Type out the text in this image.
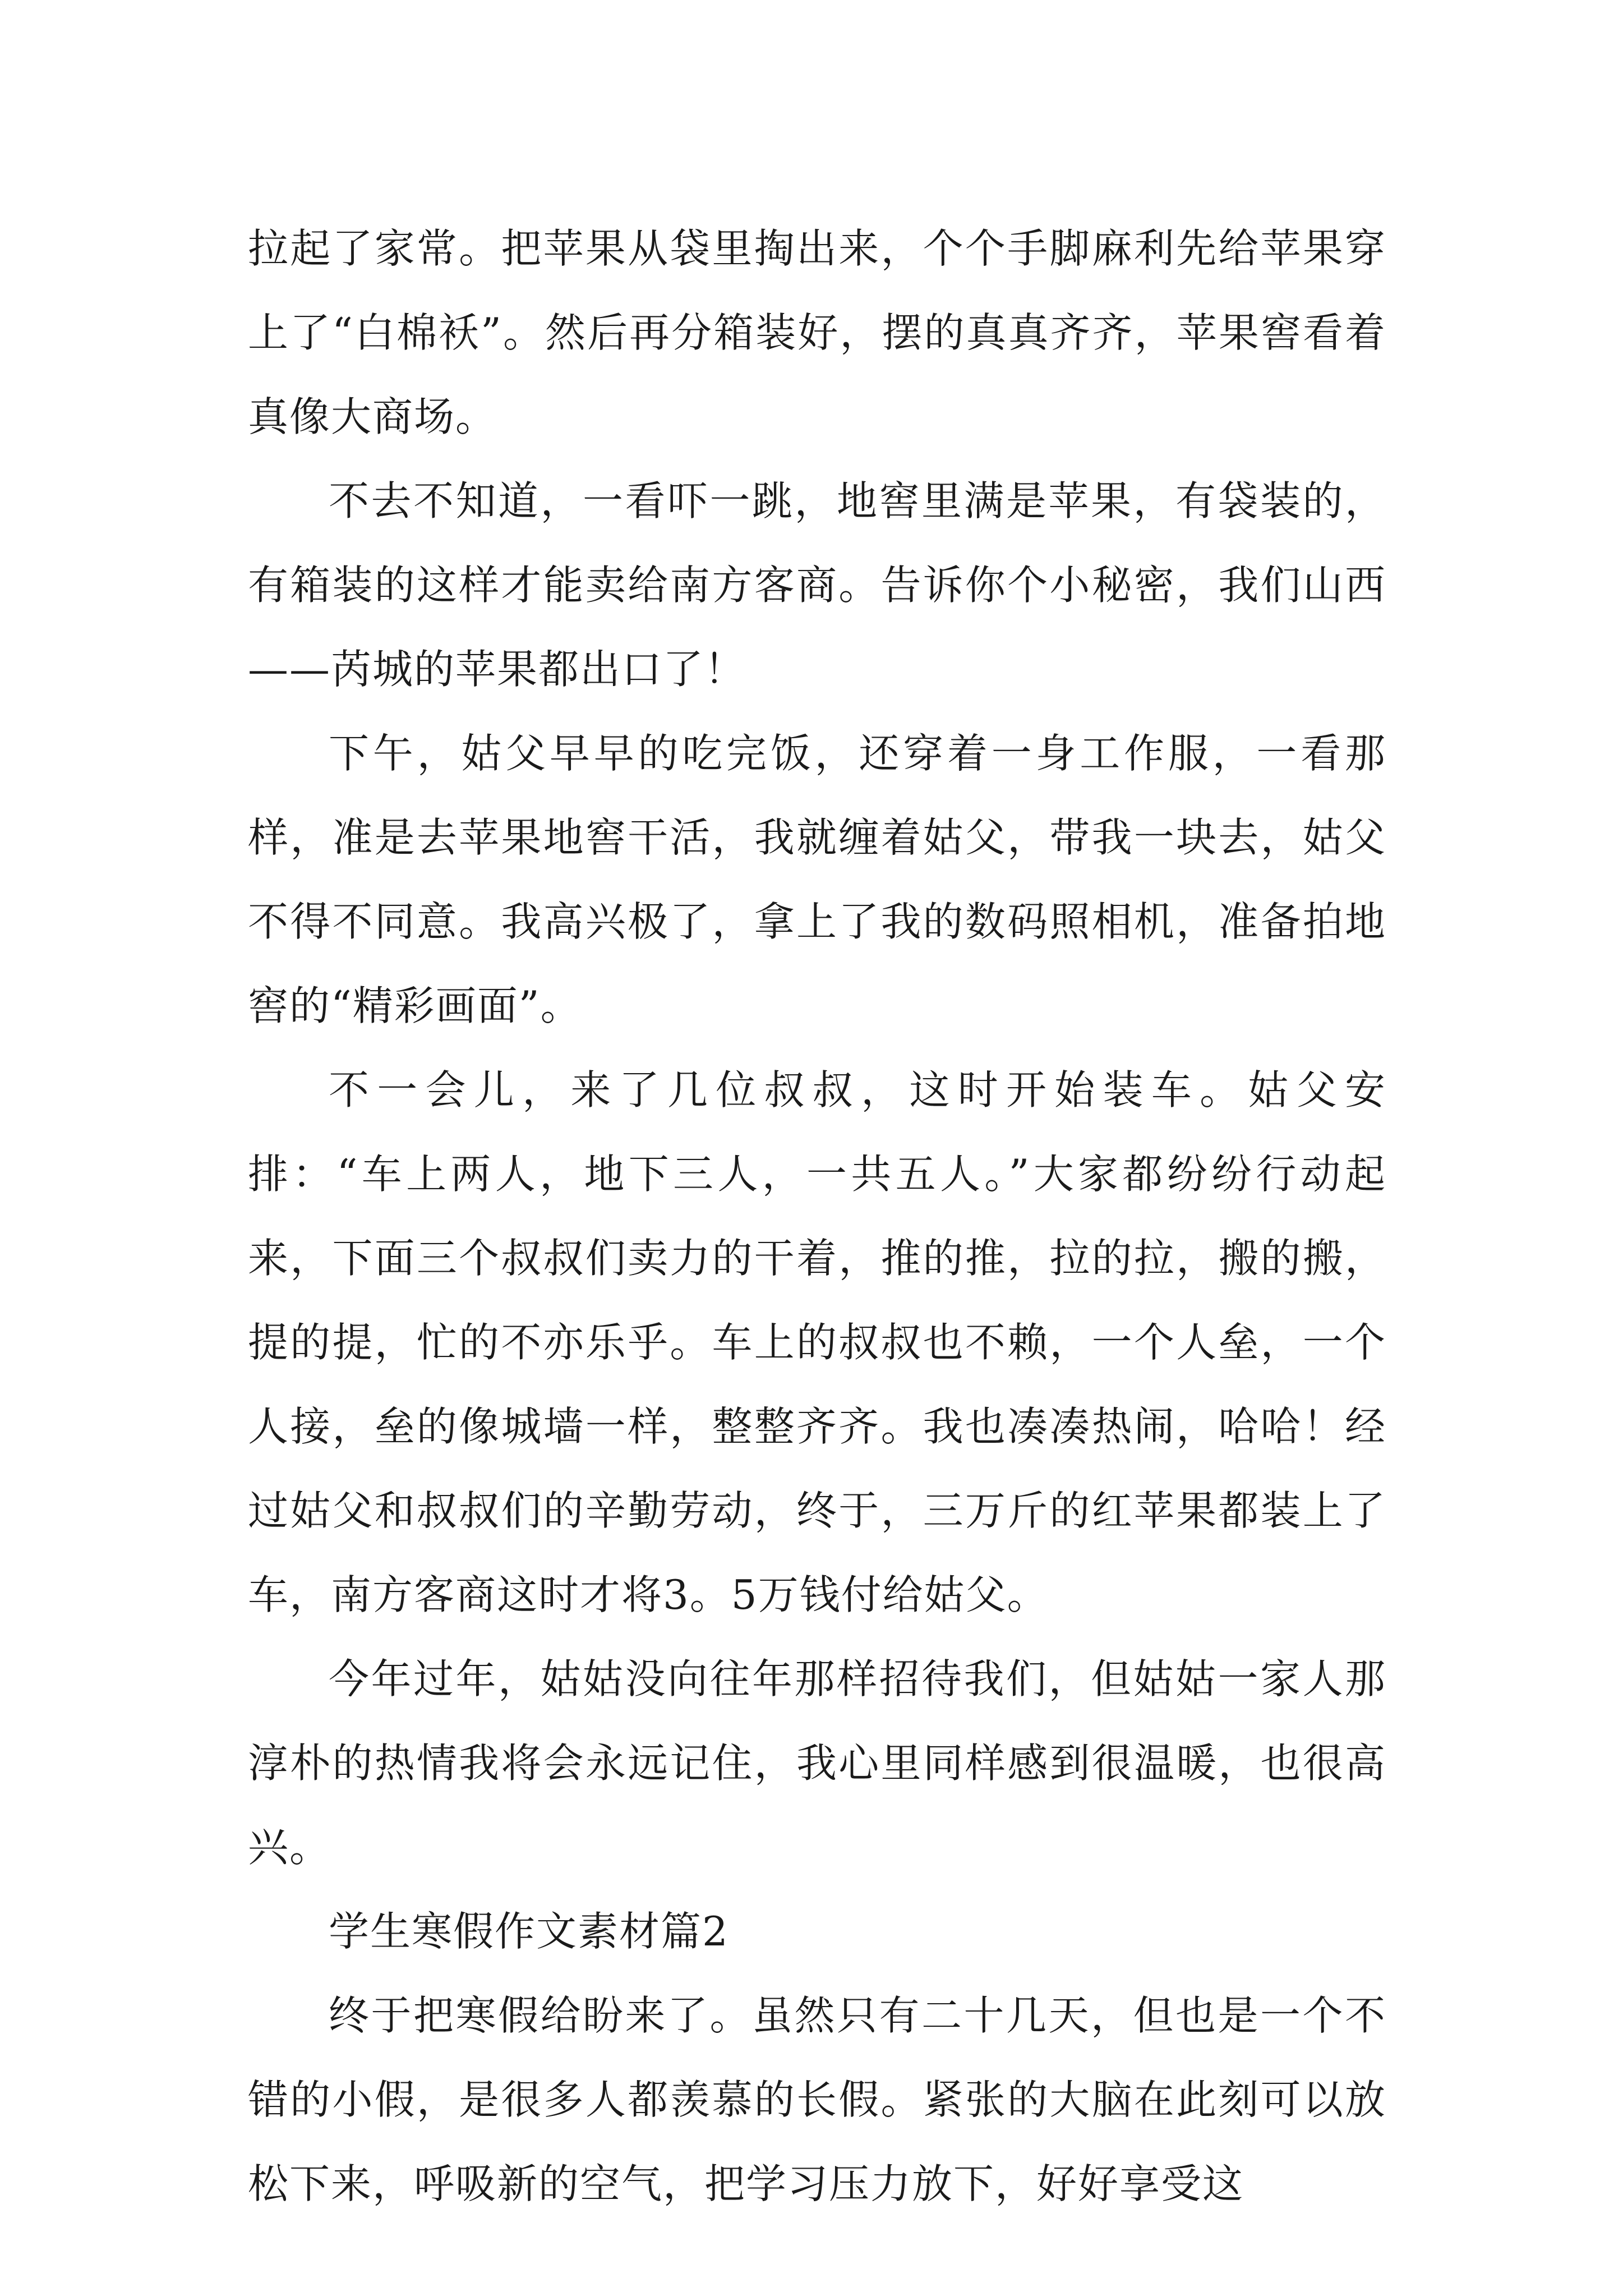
拉起了家常。把苹果从袋里掏出来，个个手脚麻利先给苹果穿上了“白棉袄”。然后再分箱装好，摆的真真齐齐，苹果窖看着真像大商场。

不去不知道，一看吓一跳，地窖里满是苹果，有袋装的，有箱装的这样才能卖给南方客商。告诉你个小秘密，我们山西——芮城的苹果都出口了！

下午，姑父早早的吃完饭，还穿着一身工作服，一看那样，准是去苹果地窖干活，我就缠着姑父，带我一块去，姑父不得不同意。我高兴极了，拿上了我的数码照相机，准备拍地窖的“精彩画面”。

不一会儿，来了几位叔叔，这时开始装车。姑父安排：“车上两人，地下三人，一共五人。”大家都纷纷行动起来，下面三个叔叔们卖力的干着，推的推，拉的拉，搬的搬，提的提，忙的不亦乐乎。车上的叔叔也不赖，一个人垒，一个人接，垒的像城墙一样，整整齐齐。我也凑凑热闹，哈哈！经过姑父和叔叔们的辛勤劳动，终于，三万斤的红苹果都装上了车，南方客商这时才将3。5万钱付给姑父。

今年过年，姑姑没向往年那样招待我们，但姑姑一家人那淳朴的热情我将会永远记住，我心里同样感到很温暖，也很高兴。

学生寒假作文素材篇2

终于把寒假给盼来了。虽然只有二十几天，但也是一个不错的小假，是很多人都羡慕的长假。紧张的大脑在此刻可以放松下来，呼吸新的空气，把学习压力放下，好好享受这
